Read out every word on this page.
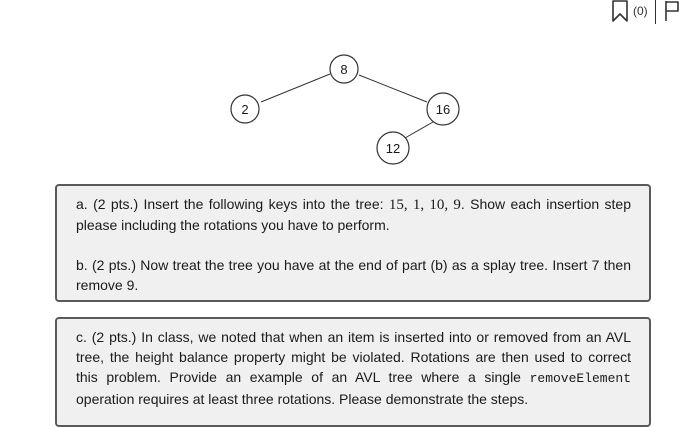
(0)
8
2	16
12

a. (2 pts.) Insert the following keys into the tree: 15, 1, 10, 9. Show each insertion step please including the rotations you have to perform.

b. (2 pts.) Now treat the tree you have at the end of part (b) as a splay tree. Insert 7 then remove 9.

c. (2 pts.) In class, we noted that when an item is inserted into or removed from an AVL tree, the height balance property might be violated. Rotations are then used to correct this problem. Provide an example of an AVL tree where a single removeElement operation requires at least three rotations. Please demonstrate the steps.
